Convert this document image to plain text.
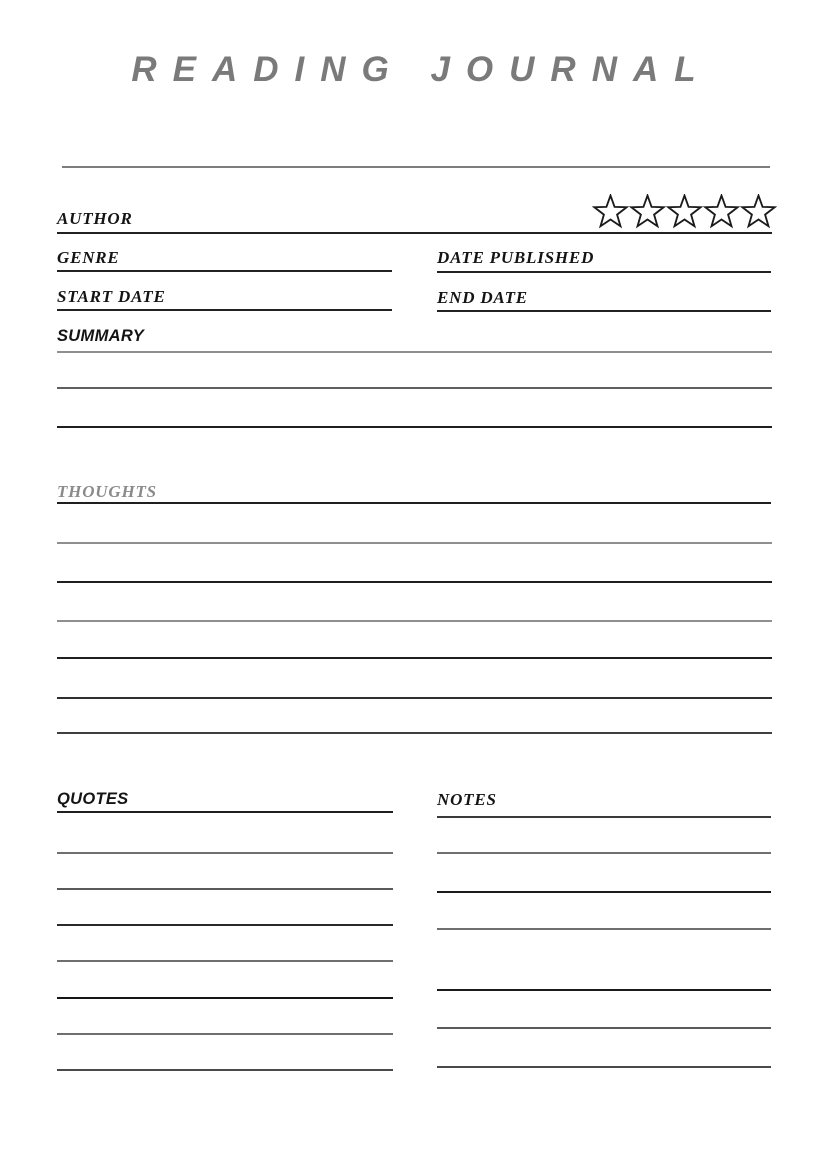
READING JOURNAL
AUTHOR
GENRE	DATE PUBLISHED
START DATE	END DATE
SUMMARY
THOUGHTS
QUOTES	NOTES
